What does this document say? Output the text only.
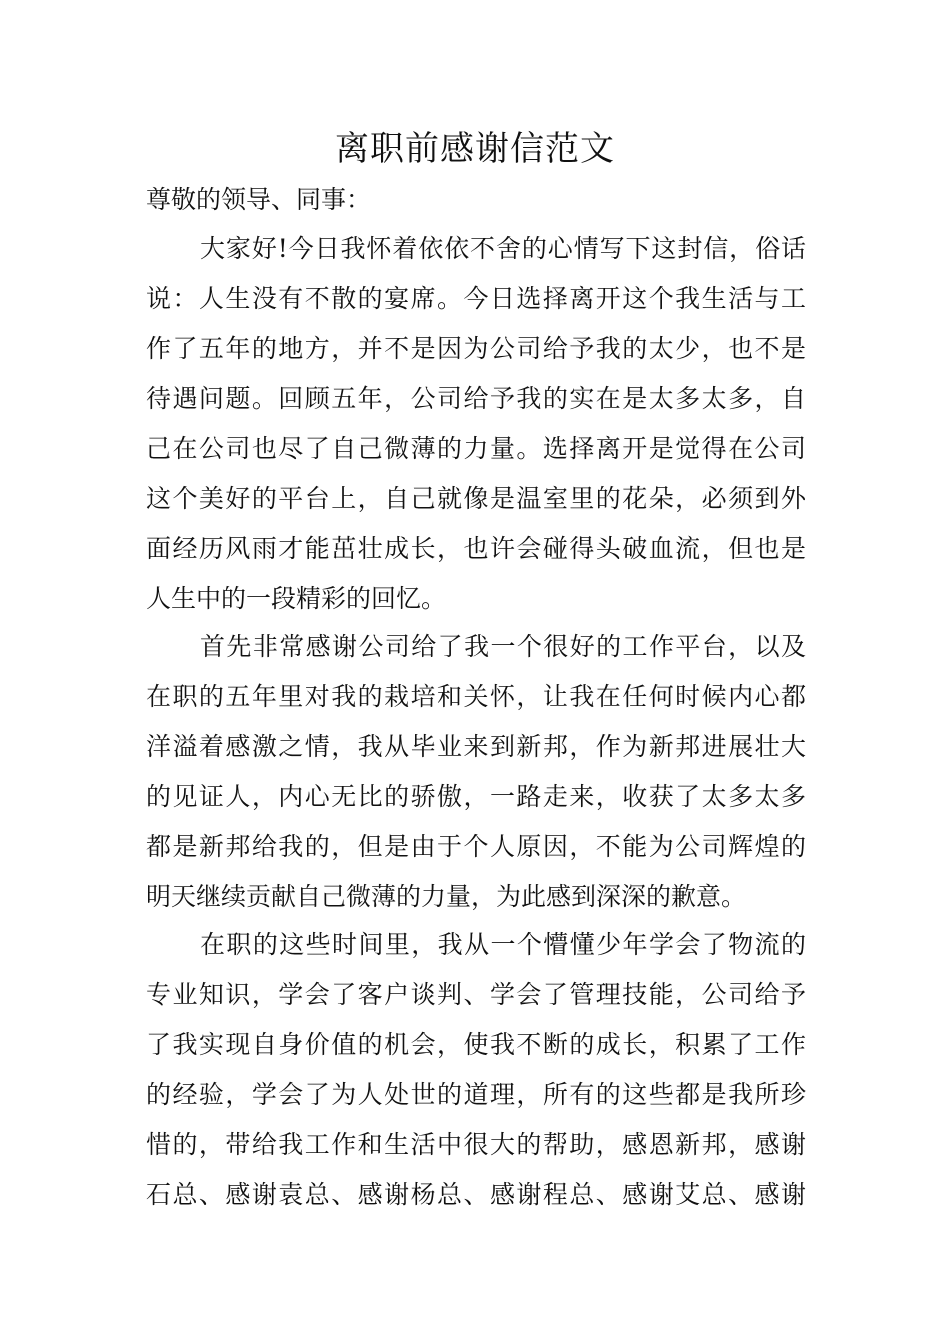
离职前感谢信范文

尊敬的领导、同事：

大家好!今日我怀着依依不舍的心情写下这封信，俗话
说：人生没有不散的宴席。今日选择离开这个我生活与工
作了五年的地方，并不是因为公司给予我的太少，也不是
待遇问题。回顾五年，公司给予我的实在是太多太多，自
己在公司也尽了自己微薄的力量。选择离开是觉得在公司
这个美好的平台上，自己就像是温室里的花朵，必须到外
面经历风雨才能茁壮成长，也许会碰得头破血流，但也是
人生中的一段精彩的回忆。
首先非常感谢公司给了我一个很好的工作平台，以及
在职的五年里对我的栽培和关怀，让我在任何时候内心都
洋溢着感激之情，我从毕业来到新邦，作为新邦进展壮大
的见证人，内心无比的骄傲，一路走来，收获了太多太多
都是新邦给我的，但是由于个人原因，不能为公司辉煌的
明天继续贡献自己微薄的力量，为此感到深深的歉意。
在职的这些时间里，我从一个懵懂少年学会了物流的
专业知识，学会了客户谈判、学会了管理技能，公司给予
了我实现自身价值的机会，使我不断的成长，积累了工作
的经验，学会了为人处世的道理，所有的这些都是我所珍
惜的，带给我工作和生活中很大的帮助，感恩新邦，感谢
石总、感谢袁总、感谢杨总、感谢程总、感谢艾总、感谢
